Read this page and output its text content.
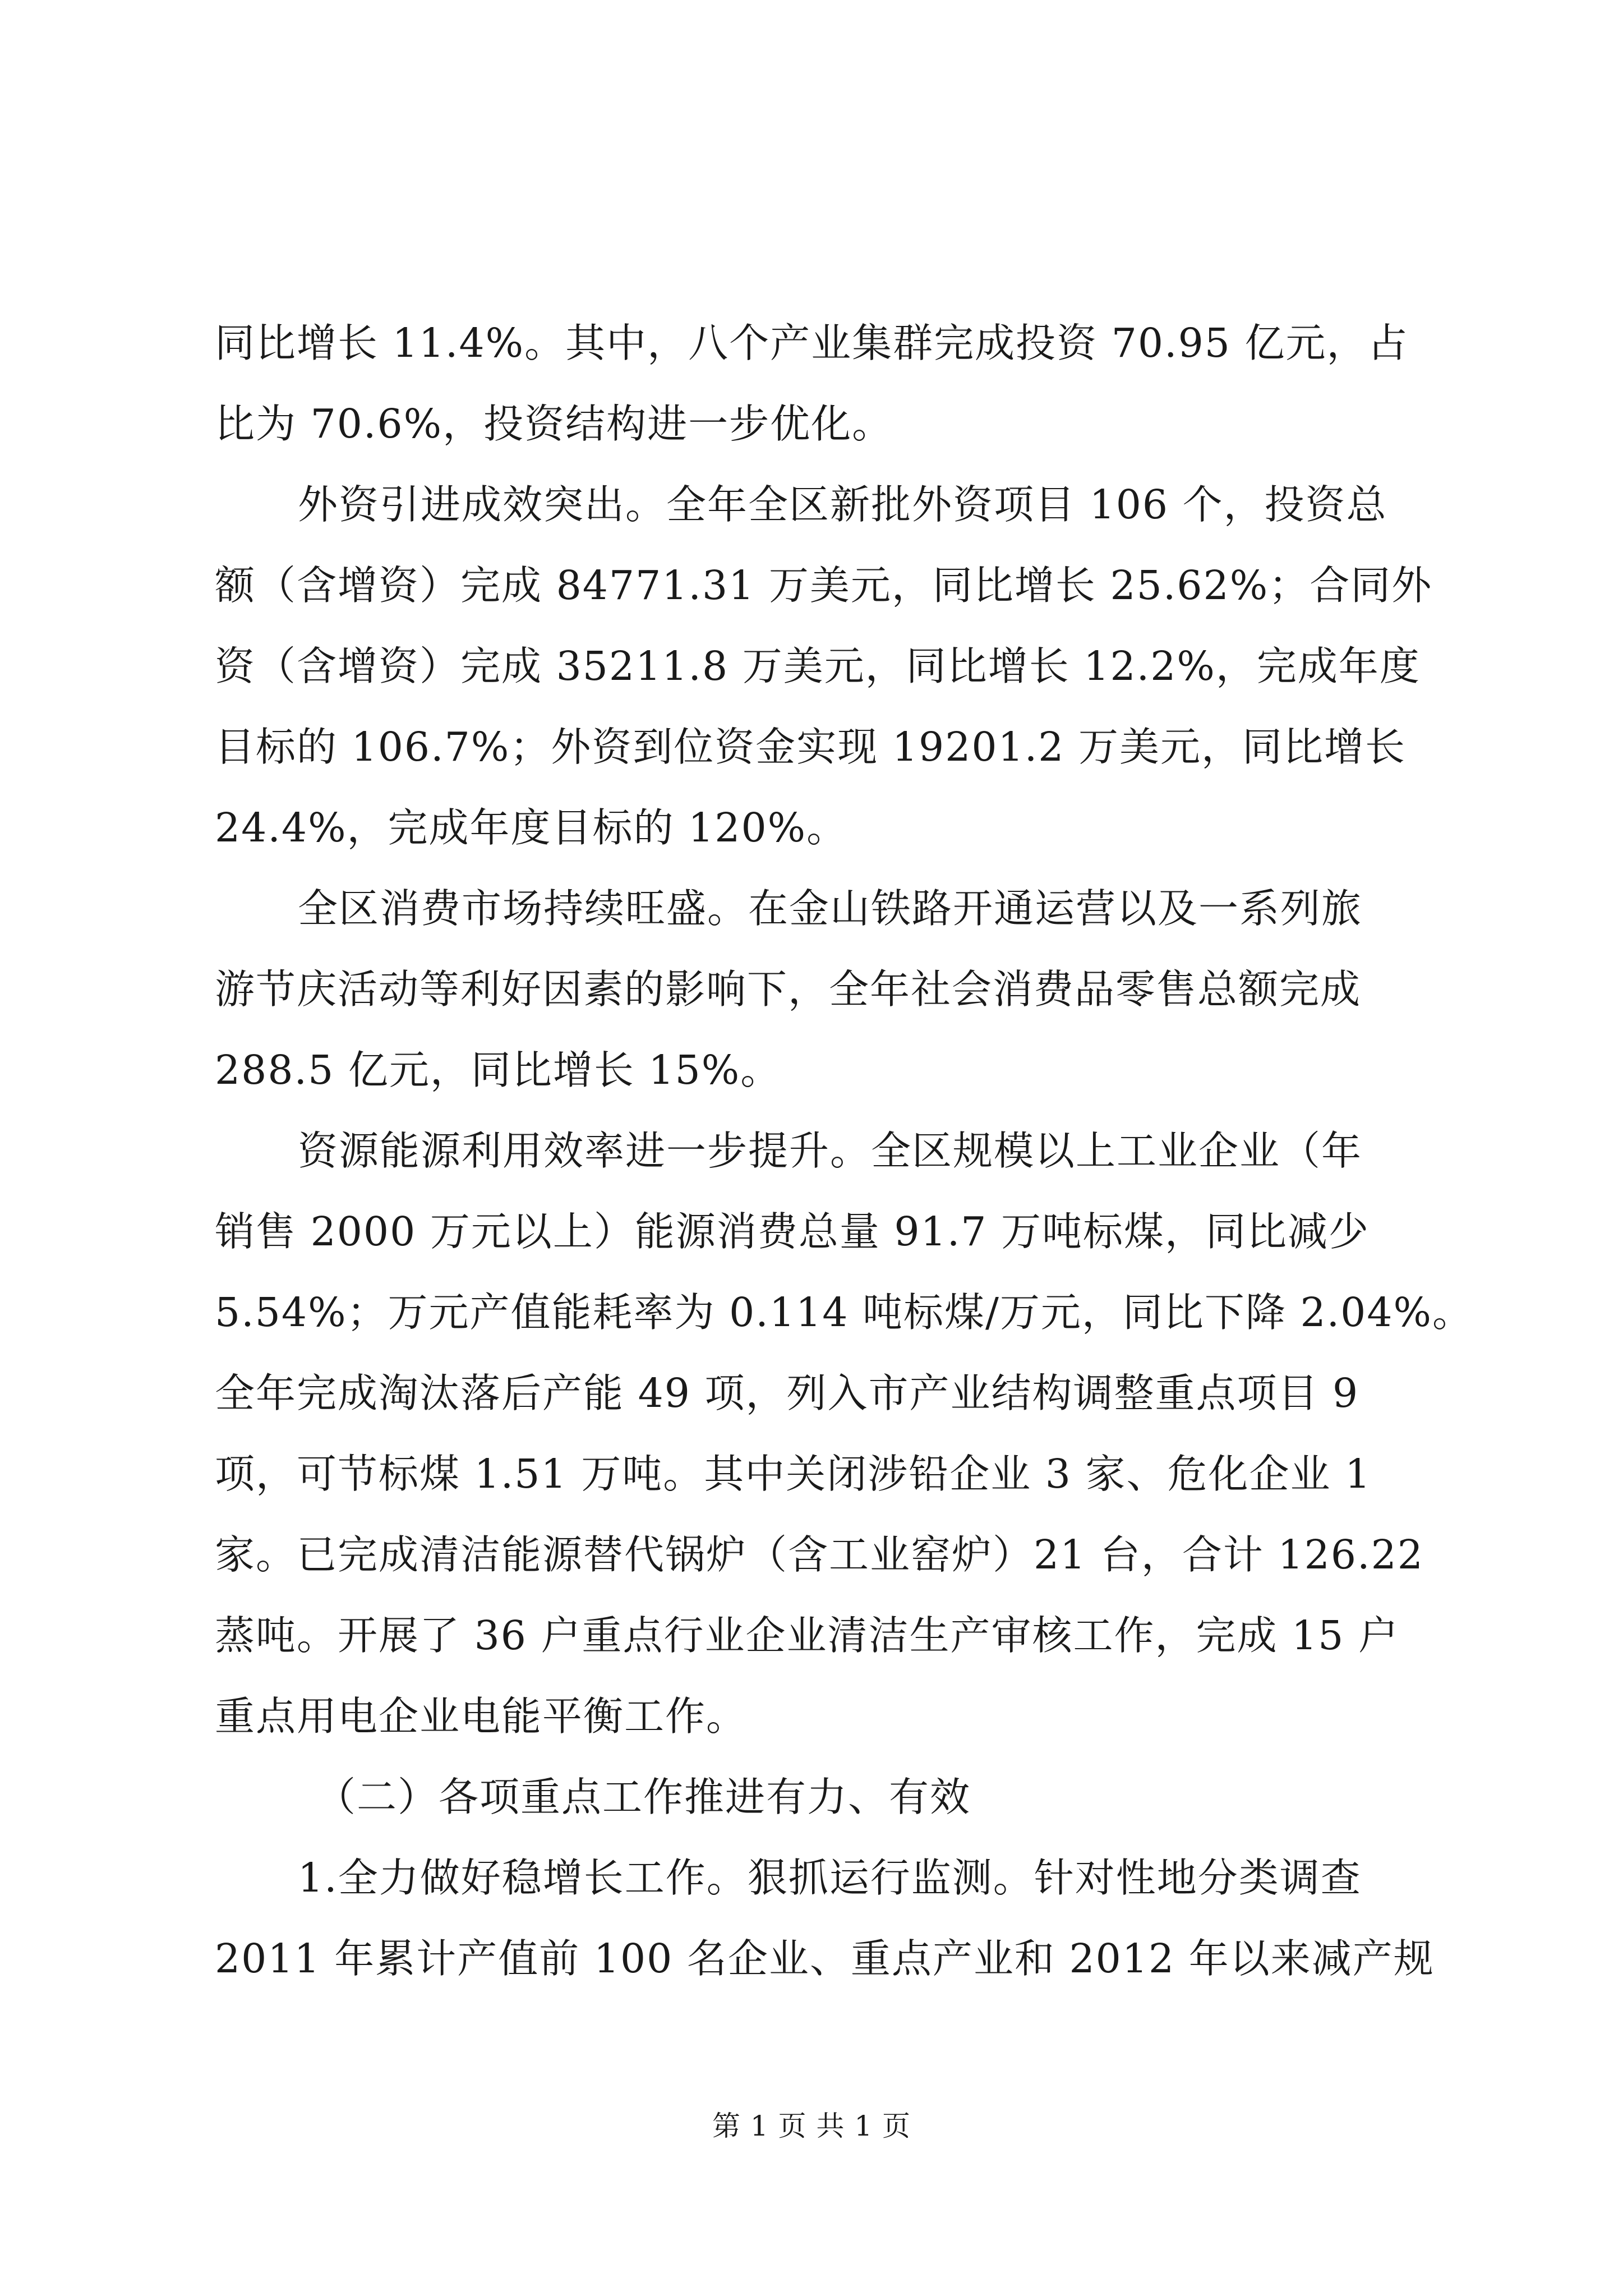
同比增长 11.4%。其中，八个产业集群完成投资 70.95 亿元，占
比为 70.6%，投资结构进一步优化。
外资引进成效突出。全年全区新批外资项目 106 个，投资总
额（含增资）完成 84771.31 万美元，同比增长 25.62%；合同外
资（含增资）完成 35211.8 万美元，同比增长 12.2%，完成年度
目标的 106.7%；外资到位资金实现 19201.2 万美元，同比增长
24.4%，完成年度目标的 120%。
全区消费市场持续旺盛。在金山铁路开通运营以及一系列旅
游节庆活动等利好因素的影响下，全年社会消费品零售总额完成
288.5 亿元，同比增长 15%。
资源能源利用效率进一步提升。全区规模以上工业企业（年
销售 2000 万元以上）能源消费总量 91.7 万吨标煤，同比减少
5.54%；万元产值能耗率为 0.114 吨标煤/万元，同比下降 2.04%。
全年完成淘汰落后产能 49 项，列入市产业结构调整重点项目 9
项，可节标煤 1.51 万吨。其中关闭涉铅企业 3 家、危化企业 1
家。已完成清洁能源替代锅炉（含工业窑炉）21 台，合计 126.22
蒸吨。开展了 36 户重点行业企业清洁生产审核工作，完成 15 户
重点用电企业电能平衡工作。
（二）各项重点工作推进有力、有效
1.全力做好稳增长工作。狠抓运行监测。针对性地分类调查
2011 年累计产值前 100 名企业、重点产业和 2012 年以来减产规
第 1 页 共 1 页
